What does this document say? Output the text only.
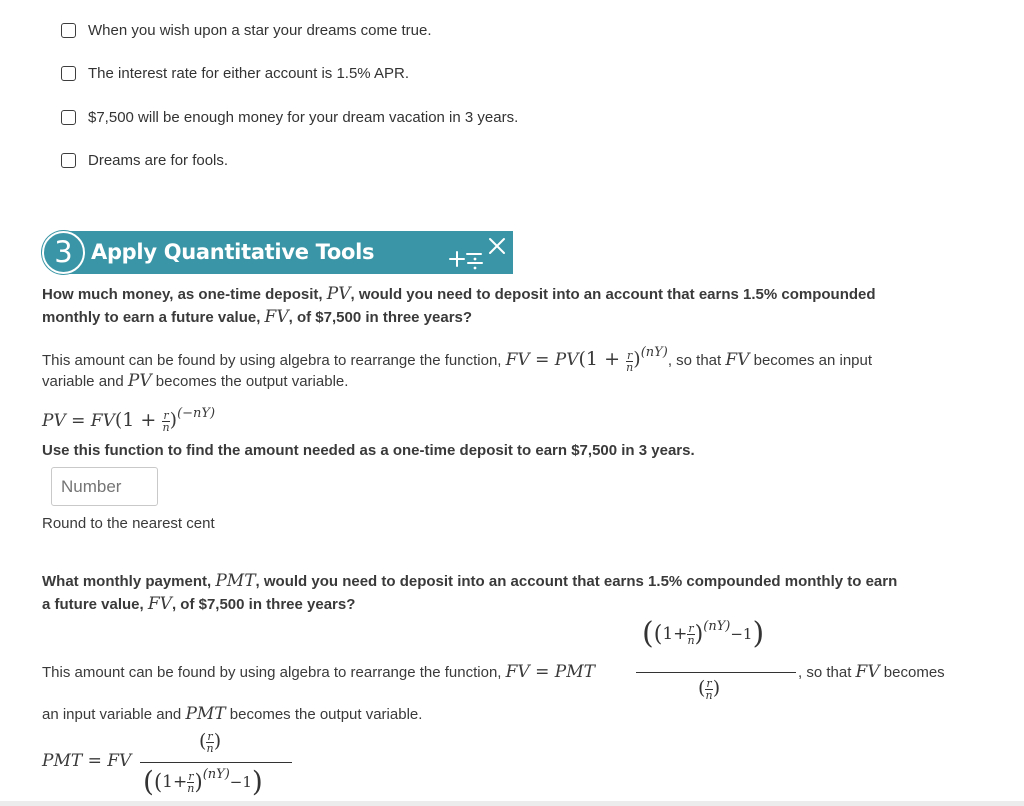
When you wish upon a star your dreams come true.
The interest rate for either account is 1.5% APR.
$7,500 will be enough money for your dream vacation in 3 years.
Dreams are for fools.
3 Apply Quantitative Tools
How much money, as one-time deposit, PV, would you need to deposit into an account that earns 1.5% compounded
monthly to earn a future value, FV, of $7,500 in three years?
This amount can be found by using algebra to rearrange the function, FV = $PV(1 + \frac{r}{n} )(nY)$, so that FV becomes an input
variable and PV becomes the output variable.
PV = $FV(1 + \frac{r}{n} )^{(-nY)}$
Use this function to find the amount needed as a one-time deposit to earn $7,500 in 3 years.
Number
Round to the nearest cent
What monthly payment, PMT, would you need to deposit into an account that earns 1.5% compounded monthly to earn
a future value, FV, of $7,500 in three years?
This amount can be found by using algebra to rearrange the function, FV = PMT
$((1+ \frac{r}{n} )^{(nY)}-1)$
( $\frac{r}{n}$ )
, so that FV becomes
an input variable and PMT becomes the output variable.
PMT = FV
( $\frac{r}{n}$ )
$((1+ \frac{r}{n} )^{(nY)}-1)$
